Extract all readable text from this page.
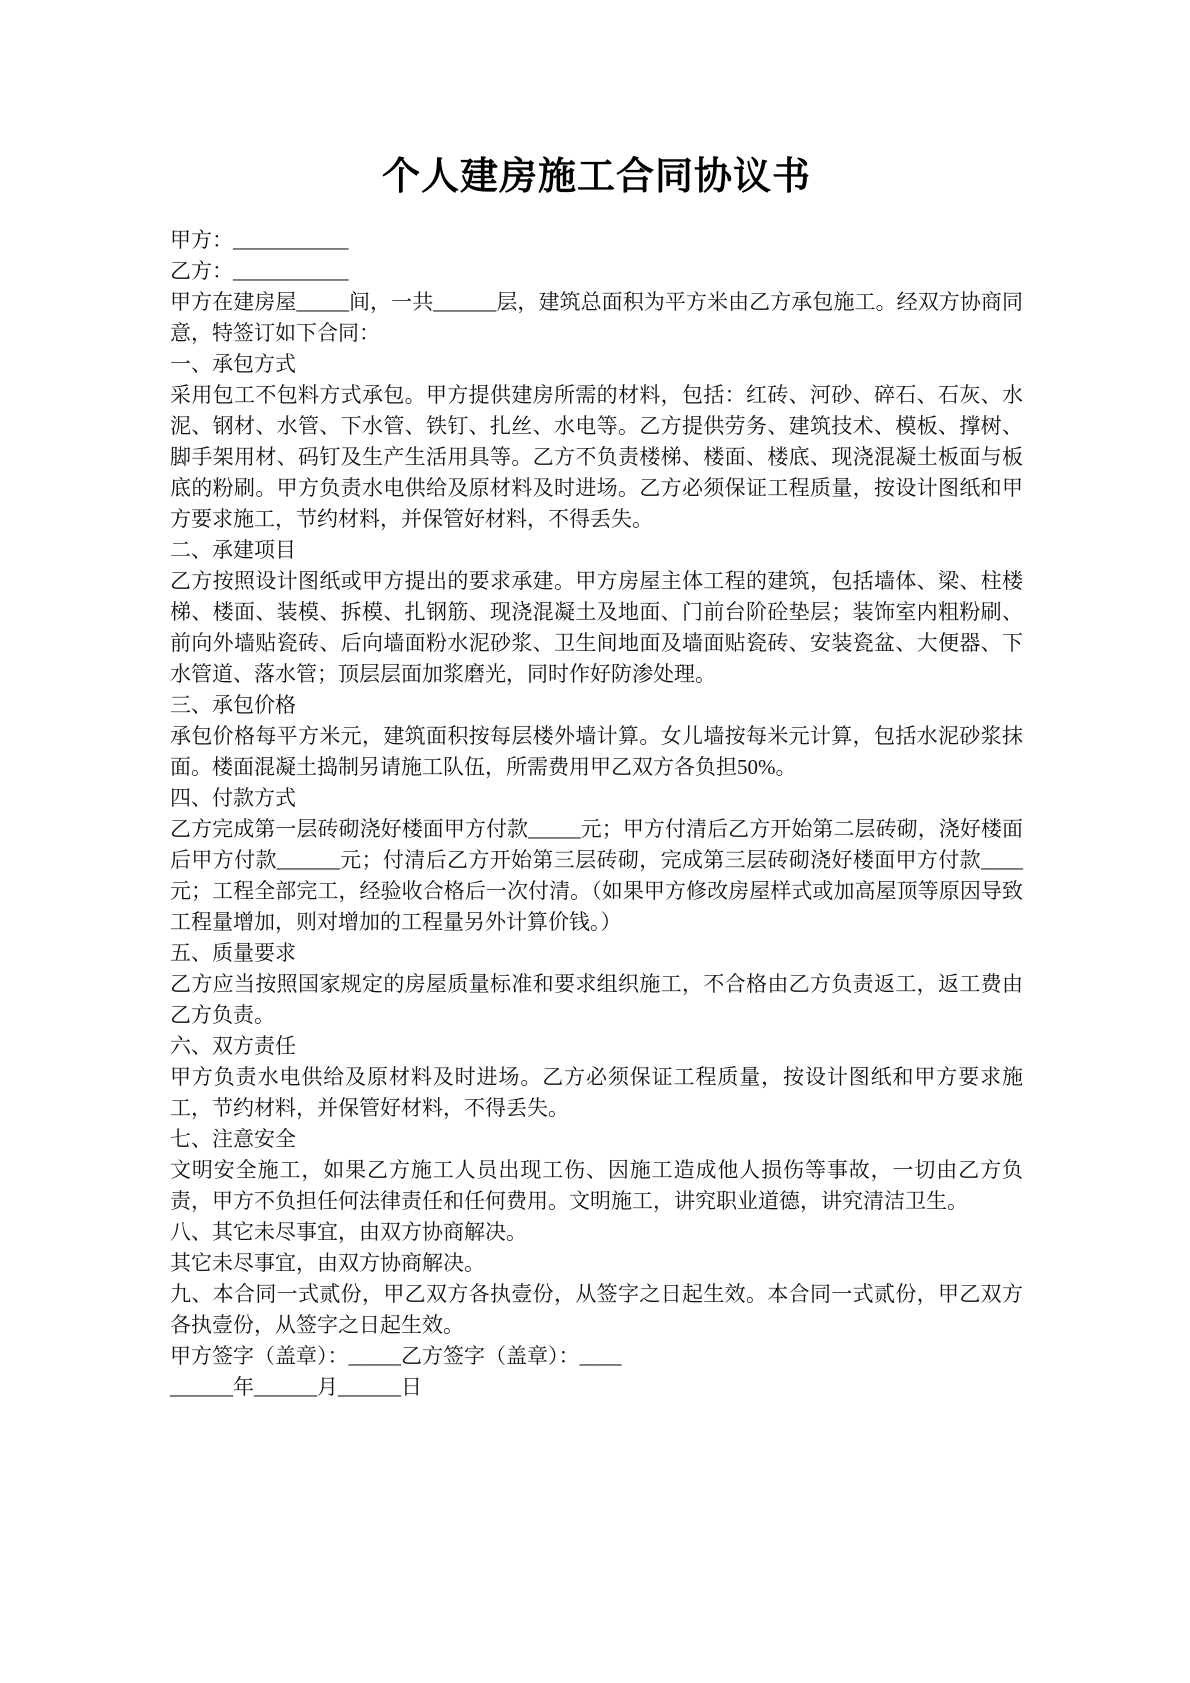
个人建房施工合同协议书

甲方：___________

乙方：___________

甲方在建房屋_____间，一共______层，建筑总面积为平方米由乙方承包施工。经双方协商同意，特签订如下合同：

一、承包方式

采用包工不包料方式承包。甲方提供建房所需的材料，包括：红砖、河砂、碎石、石灰、水泥、钢材、水管、下水管、铁钉、扎丝、水电等。乙方提供劳务、建筑技术、模板、撑树、脚手架用材、码钉及生产生活用具等。乙方不负责楼梯、楼面、楼底、现浇混凝土板面与板底的粉刷。甲方负责水电供给及原材料及时进场。乙方必须保证工程质量，按设计图纸和甲方要求施工，节约材料，并保管好材料，不得丢失。

二、承建项目

乙方按照设计图纸或甲方提出的要求承建。甲方房屋主体工程的建筑，包括墙体、梁、柱楼梯、楼面、装模、拆模、扎钢筋、现浇混凝土及地面、门前台阶砼垫层；装饰室内粗粉刷、前向外墙贴瓷砖、后向墙面粉水泥砂浆、卫生间地面及墙面贴瓷砖、安装瓷盆、大便器、下水管道、落水管；顶层层面加浆磨光，同时作好防渗处理。

三、承包价格

承包价格每平方米元，建筑面积按每层楼外墙计算。女儿墙按每米元计算，包括水泥砂浆抹面。楼面混凝土捣制另请施工队伍，所需费用甲乙双方各负担50%。

四、付款方式

乙方完成第一层砖砌浇好楼面甲方付款_____元；甲方付清后乙方开始第二层砖砌，浇好楼面后甲方付款______元；付清后乙方开始第三层砖砌，完成第三层砖砌浇好楼面甲方付款____元；工程全部完工，经验收合格后一次付清。（如果甲方修改房屋样式或加高屋顶等原因导致工程量增加，则对增加的工程量另外计算价钱。）

五、质量要求

乙方应当按照国家规定的房屋质量标准和要求组织施工，不合格由乙方负责返工，返工费由乙方负责。

六、双方责任

甲方负责水电供给及原材料及时进场。乙方必须保证工程质量，按设计图纸和甲方要求施工，节约材料，并保管好材料，不得丢失。

七、注意安全

文明安全施工，如果乙方施工人员出现工伤、因施工造成他人损伤等事故，一切由乙方负责，甲方不负担任何法律责任和任何费用。文明施工，讲究职业道德，讲究清洁卫生。

八、其它未尽事宜，由双方协商解决。

其它未尽事宜，由双方协商解决。

九、本合同一式贰份，甲乙双方各执壹份，从签字之日起生效。本合同一式贰份，甲乙双方各执壹份，从签字之日起生效。

甲方签字（盖章）：_____乙方签字（盖章）：____

______年______月______日
